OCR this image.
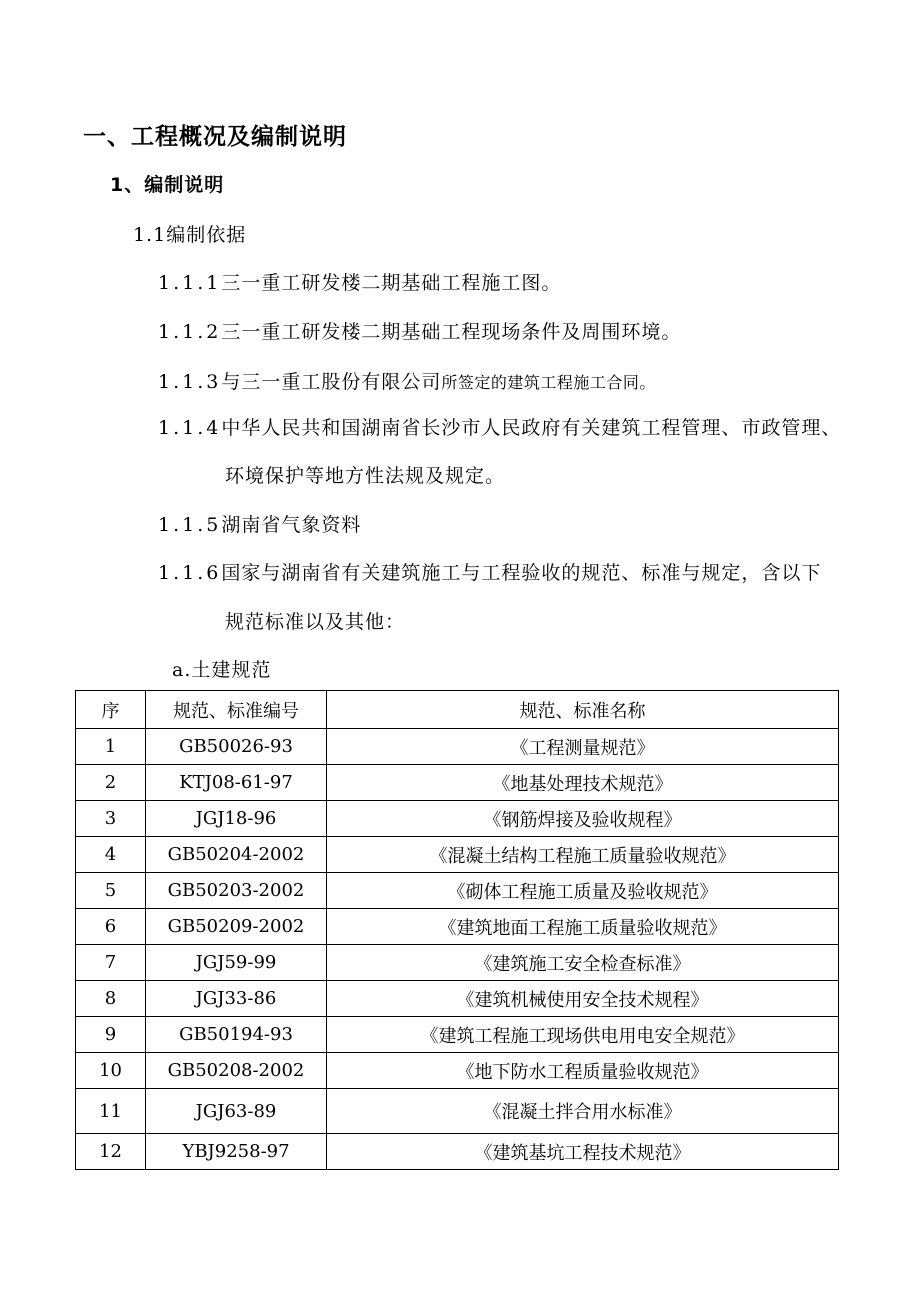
一、工程概况及编制说明
1、编制说明
1.1编制依据
1.1.1三一重工研发楼二期基础工程施工图。
1.1.2三一重工研发楼二期基础工程现场条件及周围环境。
1.1.3与三一重工股份有限公司所签定的建筑工程施工合同。
1.1.4中华人民共和国湖南省长沙市人民政府有关建筑工程管理、市政管理、
环境保护等地方性法规及规定。
1.1.5湖南省气象资料
1.1.6国家与湖南省有关建筑施工与工程验收的规范、标准与规定，含以下
规范标准以及其他：
a.土建规范
序	规范、标准编号	规范、标准名称
1	GB50026-93	《工程测量规范》
2	KTJ08-61-97	《地基处理技术规范》
3	JGJ18-96	《钢筋焊接及验收规程》
4	GB50204-2002	《混凝土结构工程施工质量验收规范》
5	GB50203-2002	《砌体工程施工质量及验收规范》
6	GB50209-2002	《建筑地面工程施工质量验收规范》
7	JGJ59-99	《建筑施工安全检查标准》
8	JGJ33-86	《建筑机械使用安全技术规程》
9	GB50194-93	《建筑工程施工现场供电用电安全规范》
10	GB50208-2002	《地下防水工程质量验收规范》
11	JGJ63-89	《混凝土拌合用水标准》
12	YBJ9258-97	《建筑基坑工程技术规范》
